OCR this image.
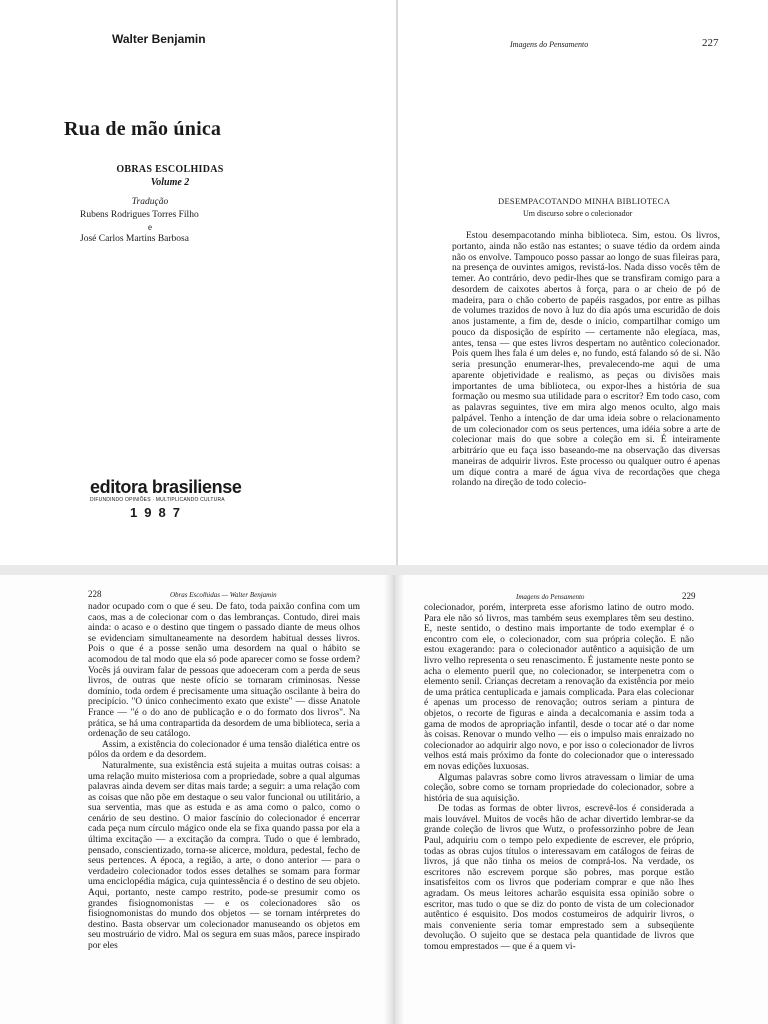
Walter Benjamin
Rua de mão única
OBRAS ESCOLHIDAS
Volume 2
Tradução
Rubens Rodrigues Torres Filho
e
José Carlos Martins Barbosa
editora brasiliense
DIFUNDINDO OPINIÕES · MULTIPLICANDO CULTURA
1987
Imagens do Pensamento	227
DESEMPACOTANDO MINHA BIBLIOTECA
Um discurso sobre o colecionador
Estou desempacotando minha biblioteca. Sim, estou. Os livros, portanto, ainda não estão nas estantes; o suave tédio da ordem ainda não os envolve. Tampouco posso passar ao longo de suas fileiras para, na presença de ouvintes amigos, revistá-los. Nada disso vocês têm de temer. Ao contrário, devo pedir-lhes que se transfiram comigo para a desordem de caixotes abertos à força, para o ar cheio de pó de madeira, para o chão coberto de papéis rasgados, por entre as pilhas de volumes trazidos de novo à luz do dia após uma escuridão de dois anos justamente, a fim de, desde o início, compartilhar comigo um pouco da disposição de espírito — certamente não elegíaca, mas, antes, tensa — que estes livros despertam no autêntico colecionador. Pois quem lhes fala é um deles e, no fundo, está falando só de si. Não seria presunção enumerar-lhes, prevalecendo-me aqui de uma aparente objetividade e realismo, as peças ou divisões mais importantes de uma biblioteca, ou expor-lhes a história de sua formação ou mesmo sua utilidade para o escritor? Em todo caso, com as palavras seguintes, tive em mira algo menos oculto, algo mais palpável. Tenho a intenção de dar uma ideia sobre o relacionamento de um colecionador com os seus pertences, uma idéia sobre a arte de colecionar mais do que sobre a coleção em si. É inteiramente arbitrário que eu faça isso baseando-me na observação das diversas maneiras de adquirir livros. Este processo ou qualquer outro é apenas um dique contra a maré de água viva de recordações que chega rolando na direção de todo colecio-
228	Obras Escolhidas — Walter Benjamin

nador ocupado com o que é seu. De fato, toda paixão confina com um caos, mas a de colecionar com o das lembranças. Contudo, direi mais ainda: o acaso e o destino que tingem o passado diante de meus olhos se evidenciam simultaneamente na desordem habitual desses livros. Pois o que é a posse senão uma desordem na qual o hábito se acomodou de tal modo que ela só pode aparecer como se fosse ordem? Vocês já ouviram falar de pessoas que adoeceram com a perda de seus livros, de outras que neste ofício se tornaram criminosas. Nesse domínio, toda ordem é precisamente uma situação oscilante à beira do precipício. "O único conhecimento exato que existe" — disse Anatole France — "é o do ano de publicação e o do formato dos livros". Na prática, se há uma contrapartida da desordem de uma biblioteca, seria a ordenação de seu catálogo.

Assim, a existência do colecionador é uma tensão dialética entre os pólos da ordem e da desordem.

Naturalmente, sua existência está sujeita a muitas outras coisas: a uma relação muito misteriosa com a propriedade, sobre a qual algumas palavras ainda devem ser ditas mais tarde; a seguir: a uma relação com as coisas que não põe em destaque o seu valor funcional ou utilitário, a sua serventia, mas que as estuda e as ama como o palco, como o cenário de seu destino. O maior fascínio do colecionador é encerrar cada peça num círculo mágico onde ela se fixa quando passa por ela a última excitação — a excitação da compra. Tudo o que é lembrado, pensado, conscientizado, torna-se alicerce, moldura, pedestal, fecho de seus pertences. A época, a região, a arte, o dono anterior — para o verdadeiro colecionador todos esses detalhes se somam para formar uma enciclopédia mágica, cuja quintessência é o destino de seu objeto. Aqui, portanto, neste campo restrito, pode-se presumir como os grandes fisiognomonistas — e os colecionadores são os fisiognomonistas do mundo dos objetos — se tornam intérpretes do destino. Basta observar um colecionador manuseando os objetos em seu mostruário de vidro. Mal os segura em suas mãos, parece inspirado por eles

Imagens do Pensamento	229

colecionador, porém, interpreta esse aforismo latino de outro modo. Para ele não só livros, mas também seus exemplares têm seu destino. E, neste sentido, o destino mais importante de todo exemplar é o encontro com ele, o colecionador, com sua própria coleção. E não estou exagerando: para o colecionador autêntico a aquisição de um livro velho representa o seu renascimento. É justamente neste ponto se acha o elemento pueril que, no colecionador, se interpenetra com o elemento senil. Crianças decretam a renovação da existência por meio de uma prática centuplicada e jamais complicada. Para elas colecionar é apenas um processo de renovação; outros seriam a pintura de objetos, o recorte de figuras e ainda a decalcomania e assim toda a gama de modos de apropriação infantil, desde o tocar até o dar nome às coisas. Renovar o mundo velho — eis o impulso mais enraizado no colecionador ao adquirir algo novo, e por isso o colecionador de livros velhos está mais próximo da fonte do colecionador que o interessado em novas edições luxuosas.

Algumas palavras sobre como livros atravessam o limiar de uma coleção, sobre como se tornam propriedade do colecionador, sobre a história de sua aquisição.

De todas as formas de obter livros, escrevê-los é considerada a mais louvável. Muitos de vocês hão de achar divertido lembrar-se da grande coleção de livros que Wutz, o professorzinho pobre de Jean Paul, adquiriu com o tempo pelo expediente de escrever, ele próprio, todas as obras cujos títulos o interessavam em catálogos de feiras de livros, já que não tinha os meios de comprá-los. Na verdade, os escritores não escrevem porque são pobres, mas porque estão insatisfeitos com os livros que poderiam comprar e que não lhes agradam. Os meus leitores acharão esquisita essa opinião sobre o escritor, mas tudo o que se diz do ponto de vista de um colecionador autêntico é esquisito. Dos modos costumeiros de adquirir livros, o mais conveniente seria tomar emprestado sem a subseqüente devolução. O sujeito que se destaca pela quantidade de livros que tomou emprestados — que é a quem vi-
